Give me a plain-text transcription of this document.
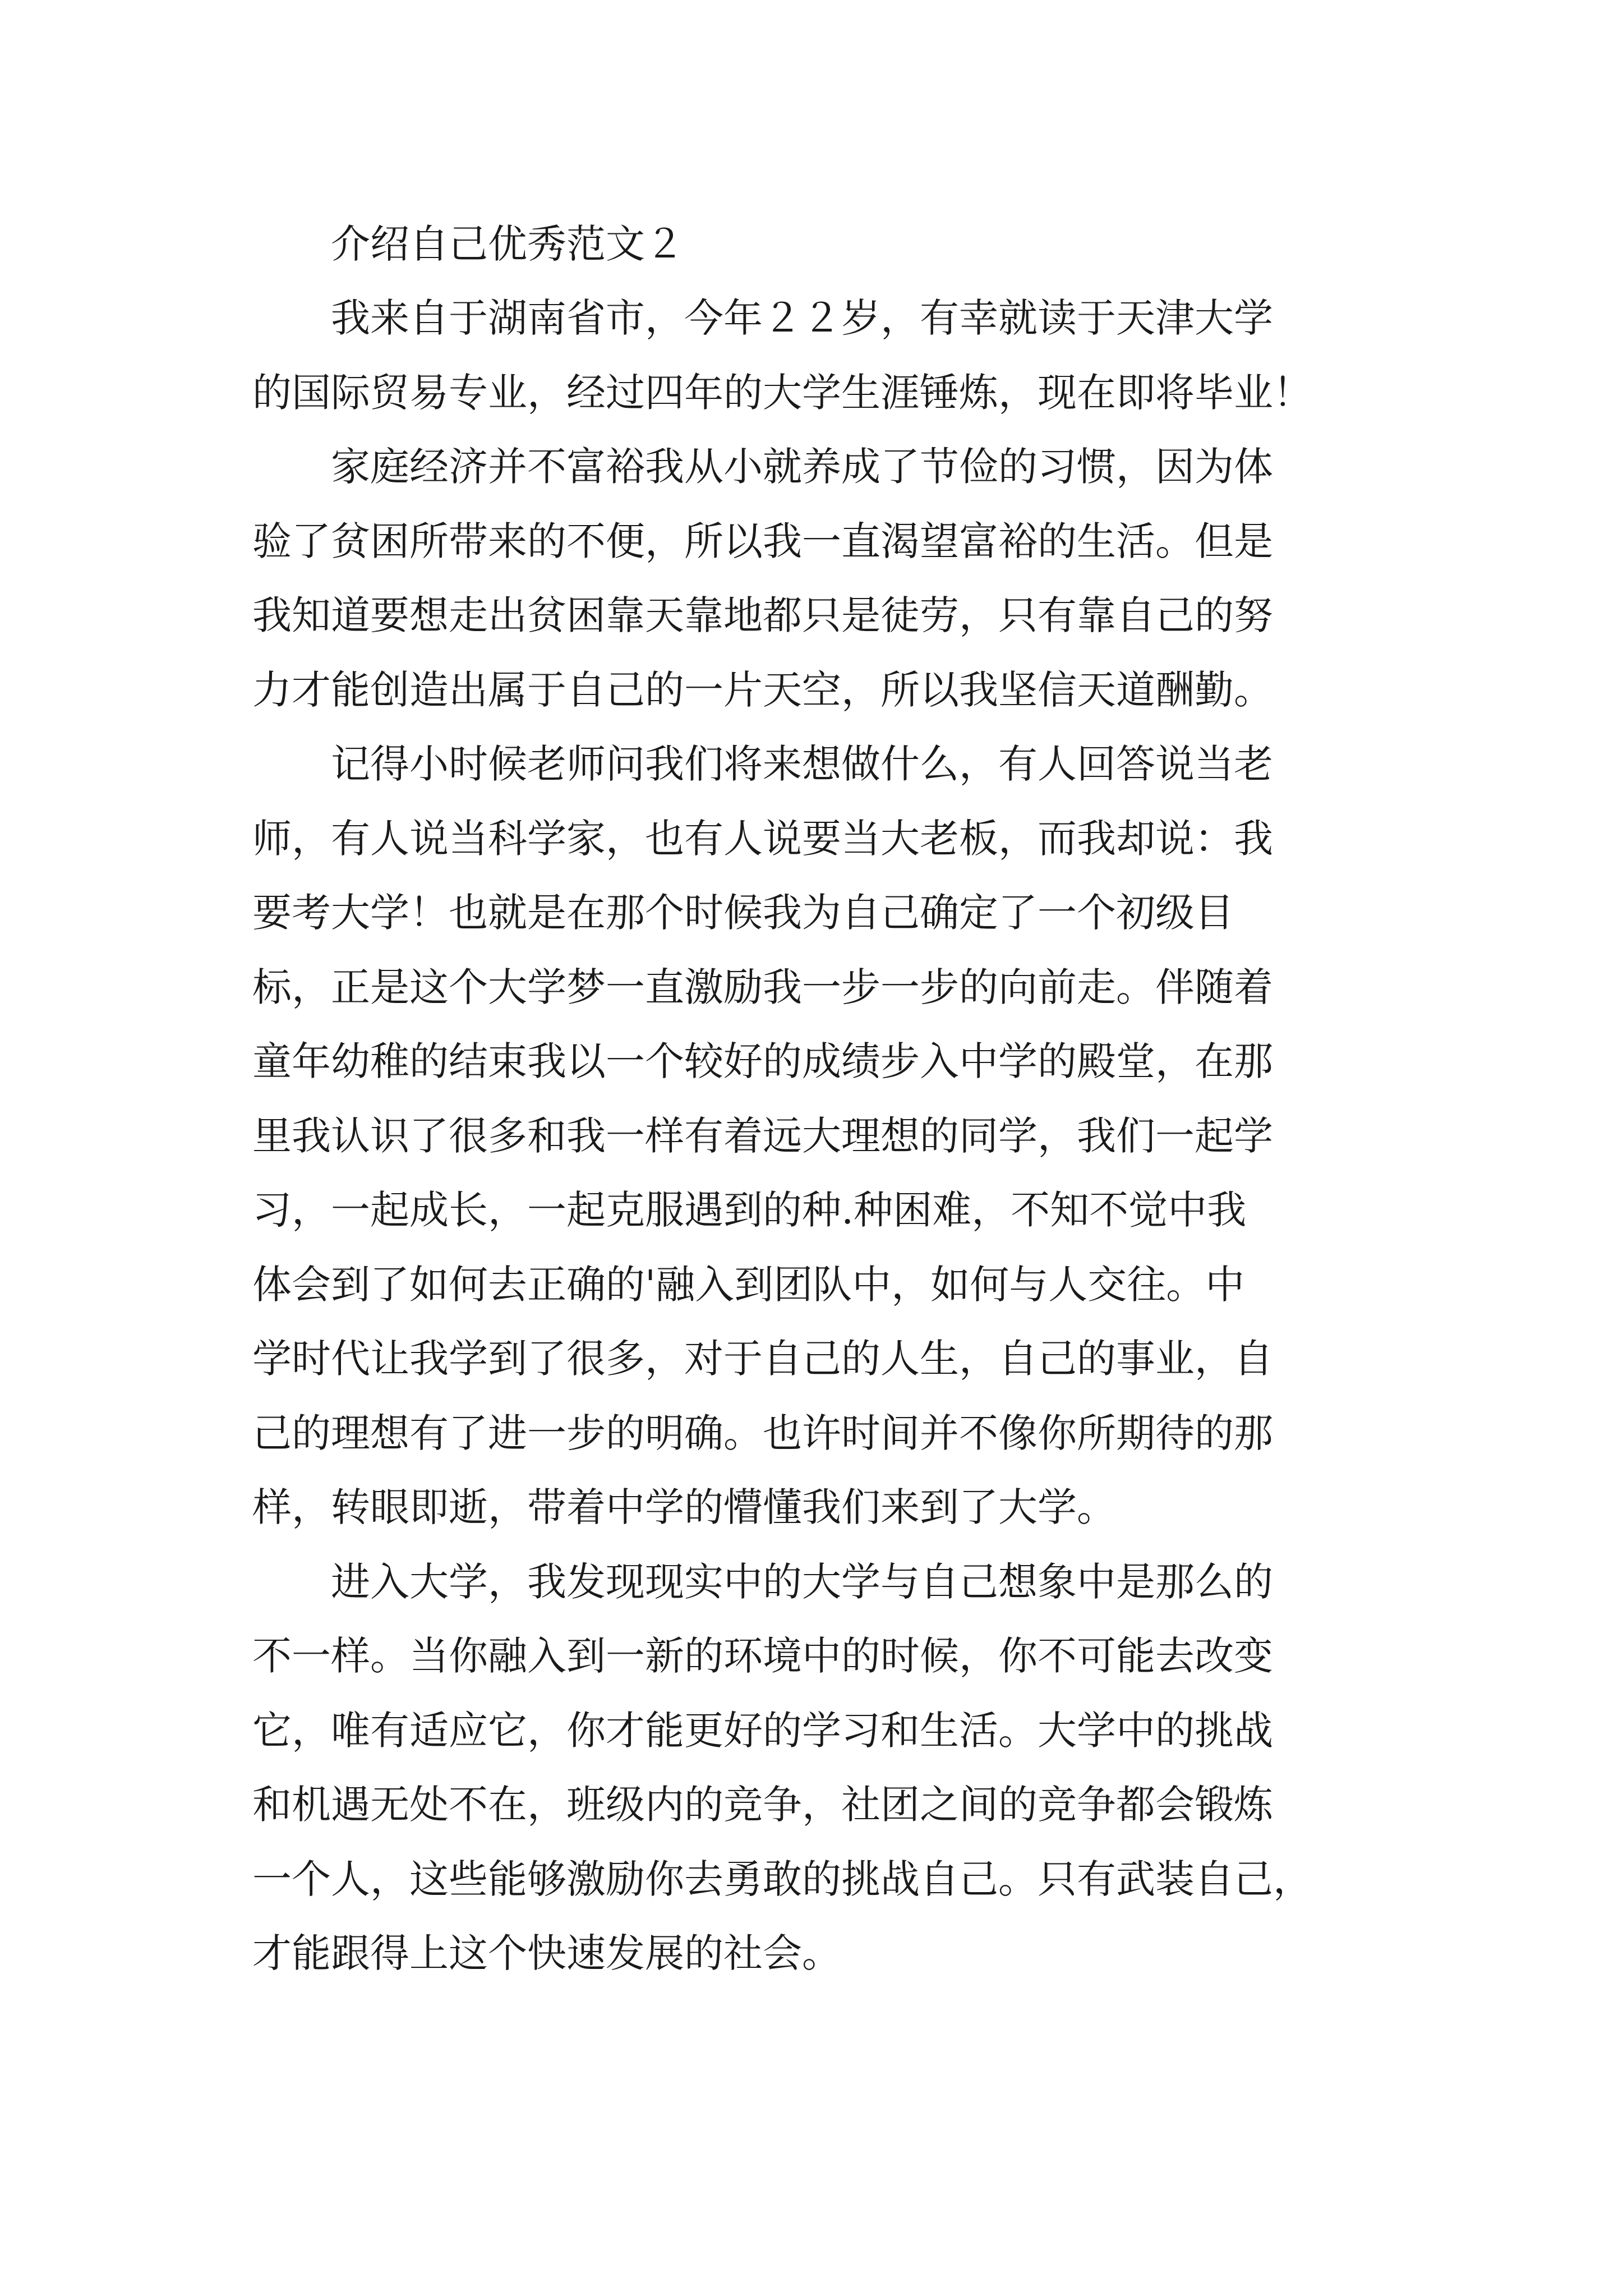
介绍自己优秀范文２
　　我来自于湖南省市，今年２２岁，有幸就读于天津大学
的国际贸易专业，经过四年的大学生涯锤炼，现在即将毕业！
　　家庭经济并不富裕我从小就养成了节俭的习惯，因为体
验了贫困所带来的不便，所以我一直渴望富裕的生活。但是
我知道要想走出贫困靠天靠地都只是徒劳，只有靠自己的努
力才能创造出属于自己的一片天空，所以我坚信天道酬勤。
　　记得小时候老师问我们将来想做什么，有人回答说当老
师，有人说当科学家，也有人说要当大老板，而我却说：我
要考大学！也就是在那个时候我为自己确定了一个初级目
标，正是这个大学梦一直激励我一步一步的向前走。伴随着
童年幼稚的结束我以一个较好的成绩步入中学的殿堂，在那
里我认识了很多和我一样有着远大理想的同学，我们一起学
习，一起成长，一起克服遇到的种.种困难，不知不觉中我
体会到了如何去正确的'融入到团队中，如何与人交往。中
学时代让我学到了很多，对于自己的人生，自己的事业，自
己的理想有了进一步的明确。也许时间并不像你所期待的那
样，转眼即逝，带着中学的懵懂我们来到了大学。
　　进入大学，我发现现实中的大学与自己想象中是那么的
不一样。当你融入到一新的环境中的时候，你不可能去改变
它，唯有适应它，你才能更好的学习和生活。大学中的挑战
和机遇无处不在，班级内的竞争，社团之间的竞争都会锻炼
一个人，这些能够激励你去勇敢的挑战自己。只有武装自己，
才能跟得上这个快速发展的社会。
